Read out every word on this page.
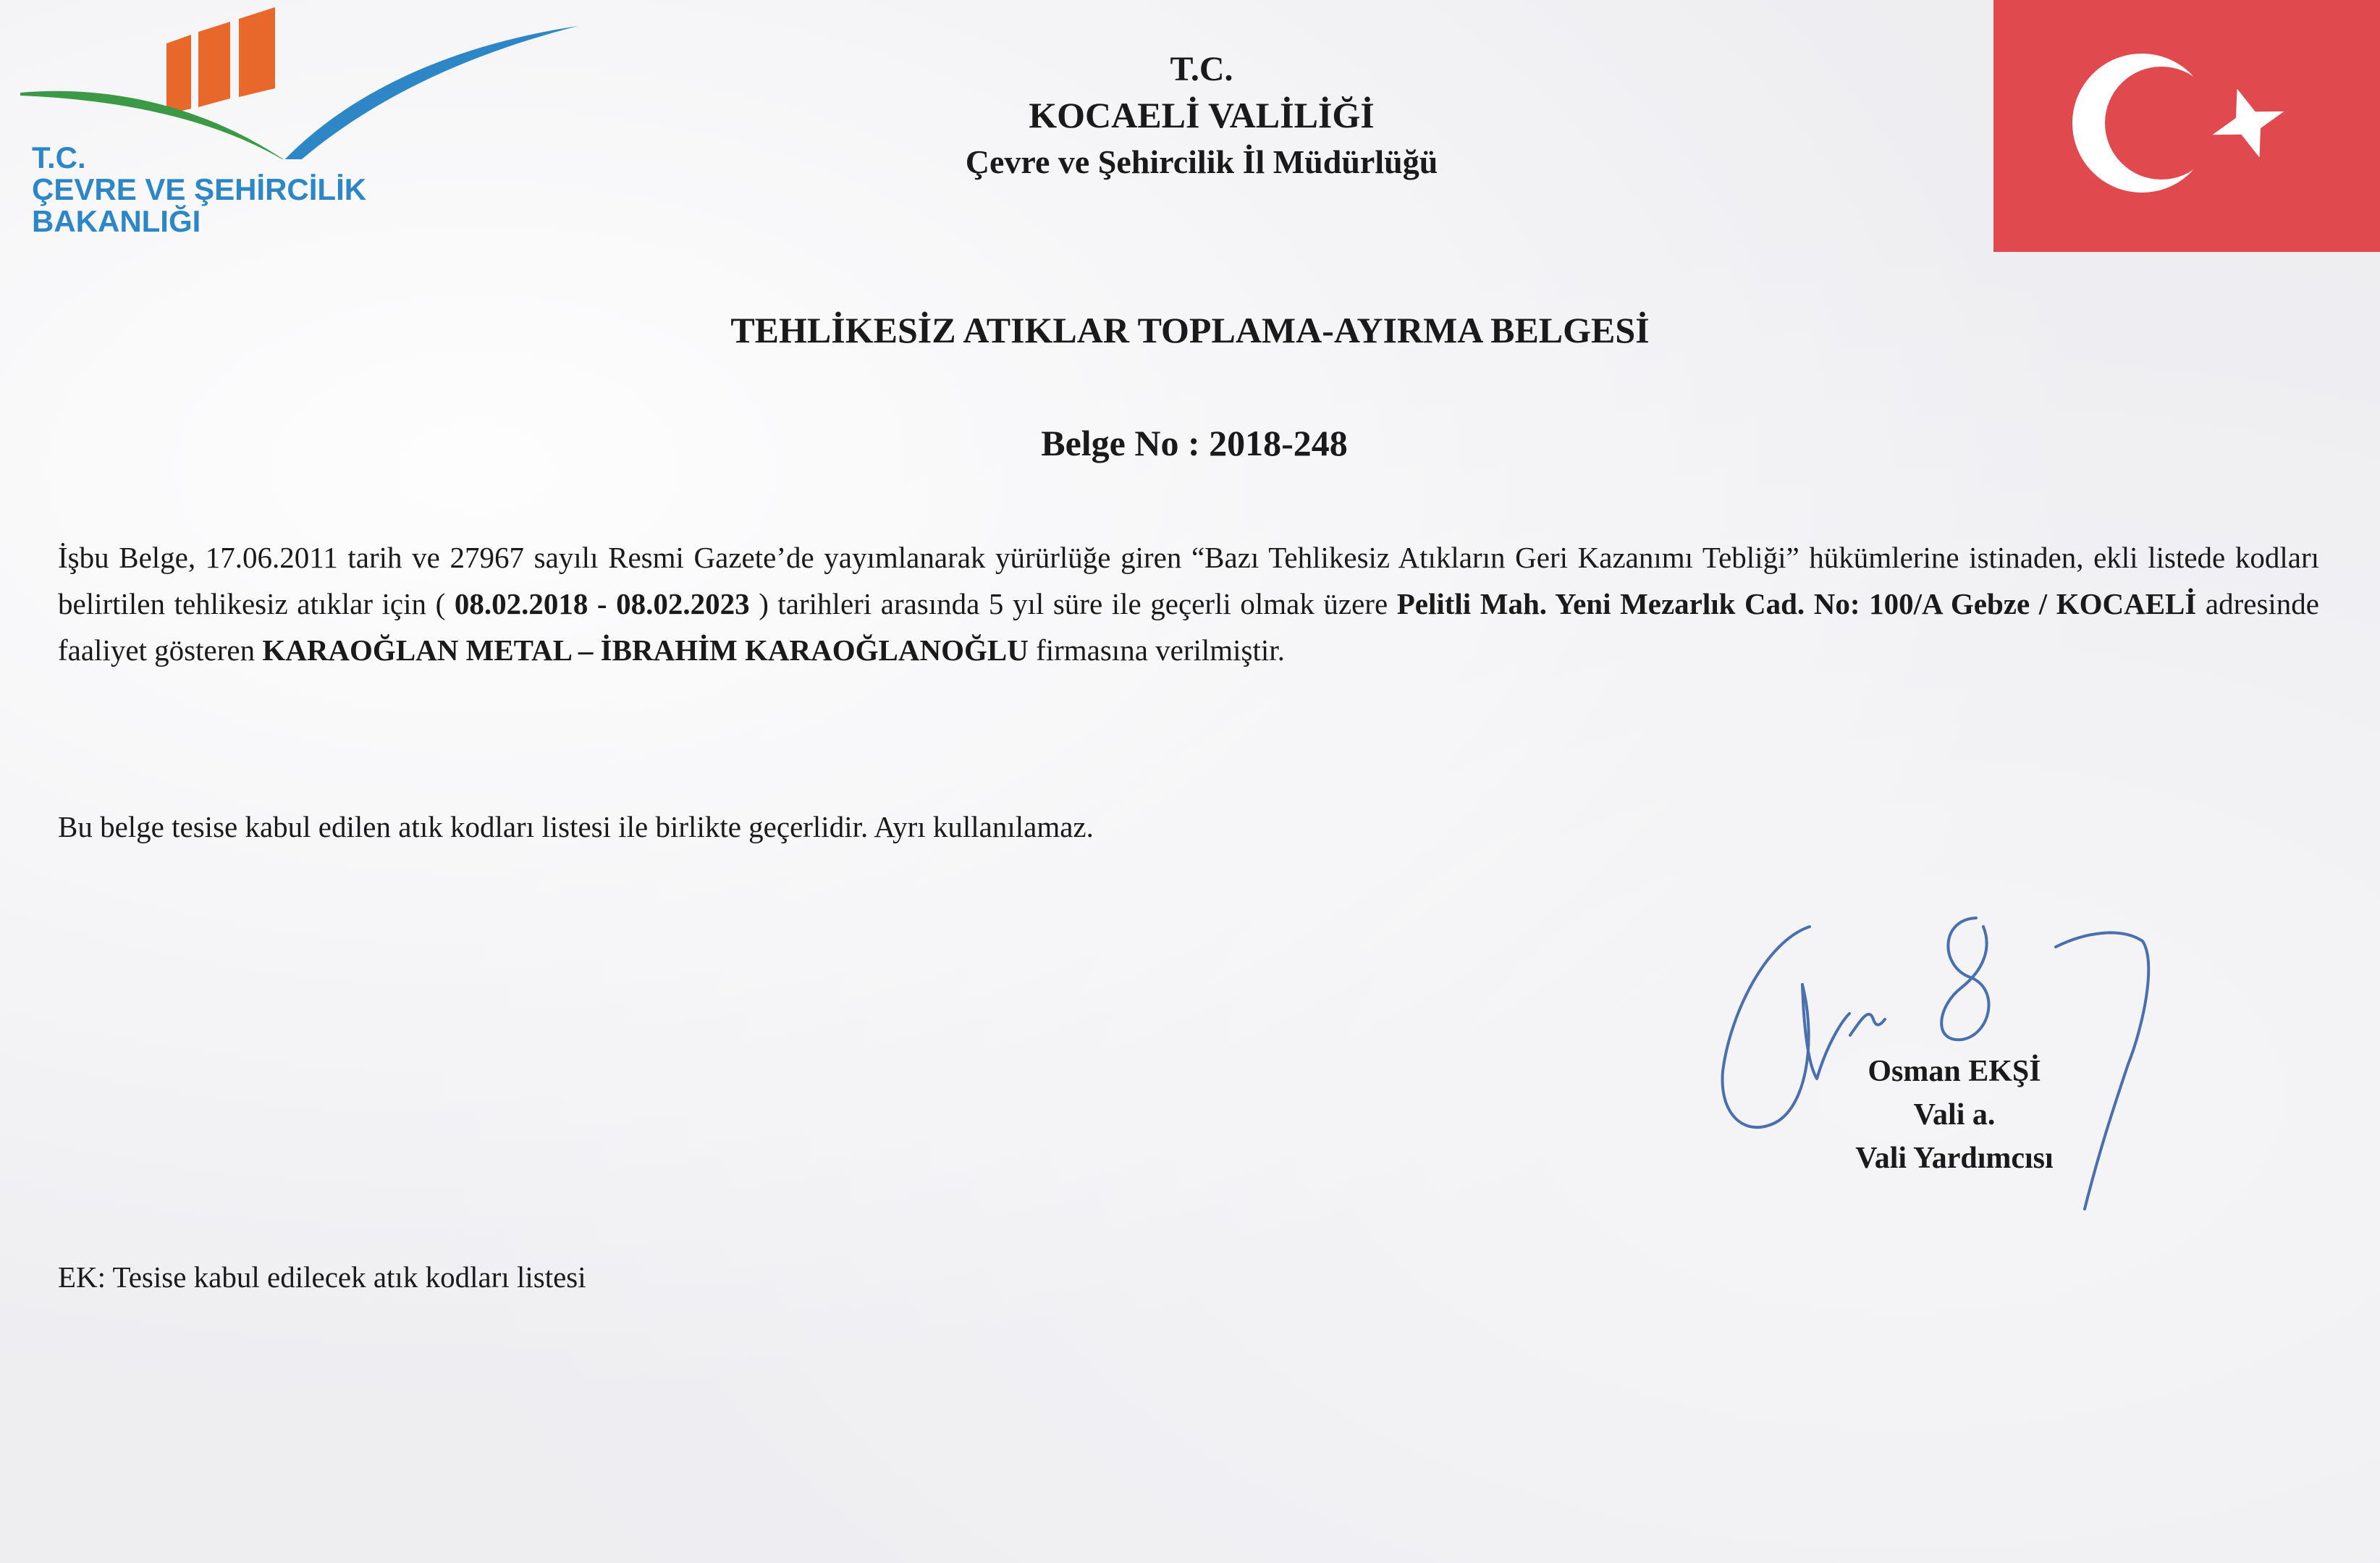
T.C.
ÇEVRE VE ŞEHİRCİLİK
BAKANLIĞI
T.C.
KOCAELİ VALİLİĞİ
Çevre ve Şehircilik İl Müdürlüğü
TEHLİKESİZ ATIKLAR TOPLAMA-AYIRMA BELGESİ
Belge No : 2018-248
İşbu Belge, 17.06.2011 tarih ve 27967 sayılı Resmi Gazete’de yayımlanarak yürürlüğe giren “Bazı Tehlikesiz Atıkların Geri Kazanımı Tebliği” hükümlerine istinaden, ekli listede kodları belirtilen tehlikesiz atıklar için ( 08.02.2018 - 08.02.2023 ) tarihleri arasında 5 yıl süre ile geçerli olmak üzere Pelitli Mah. Yeni Mezarlık Cad. No: 100/A Gebze / KOCAELİ adresinde faaliyet gösteren KARAOĞLAN METAL – İBRAHİM KARAOĞLANOĞLU firmasına verilmiştir.
Bu belge tesise kabul edilen atık kodları listesi ile birlikte geçerlidir. Ayrı kullanılamaz.
Osman EKŞİ
Vali a.
Vali Yardımcısı
EK: Tesise kabul edilecek atık kodları listesi
